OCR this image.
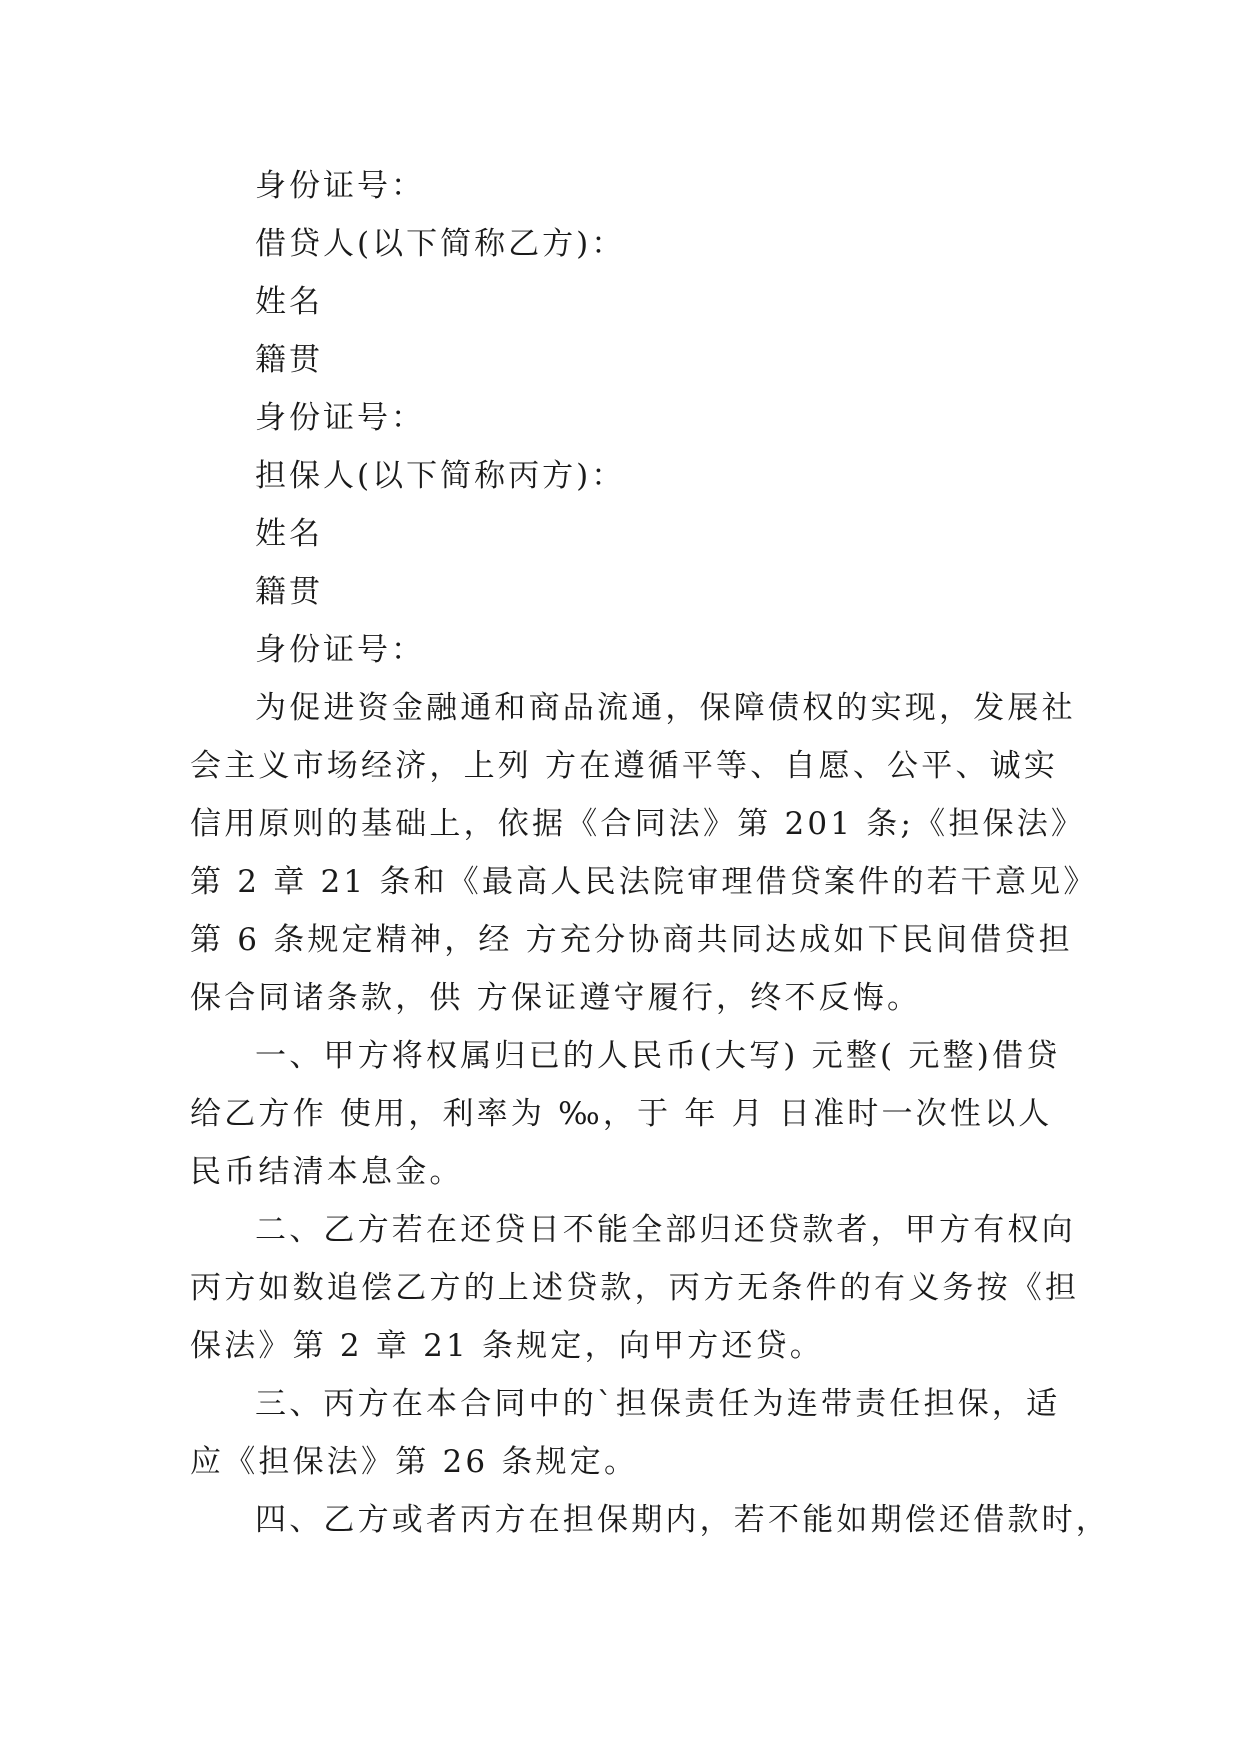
身份证号：
借贷人(以下简称乙方)：
姓名
籍贯
身份证号：
担保人(以下简称丙方)：
姓名
籍贯
身份证号：
为促进资金融通和商品流通，保障债权的实现，发展社
会主义市场经济，上列 方在遵循平等、自愿、公平、诚实
信用原则的基础上，依据《合同法》第 201 条;《担保法》
第 2 章 21 条和《最高人民法院审理借贷案件的若干意见》
第 6 条规定精神，经 方充分协商共同达成如下民间借贷担
保合同诸条款，供 方保证遵守履行，终不反悔。
一、甲方将权属归已的人民币(大写) 元整( 元整)借贷
给乙方作 使用，利率为 ‰，于 年 月 日准时一次性以人
民币结清本息金。
二、乙方若在还贷日不能全部归还贷款者，甲方有权向
丙方如数追偿乙方的上述贷款，丙方无条件的有义务按《担
保法》第 2 章 21 条规定，向甲方还贷。
三、丙方在本合同中的`担保责任为连带责任担保，适
应《担保法》第 26 条规定。
四、乙方或者丙方在担保期内，若不能如期偿还借款时，
